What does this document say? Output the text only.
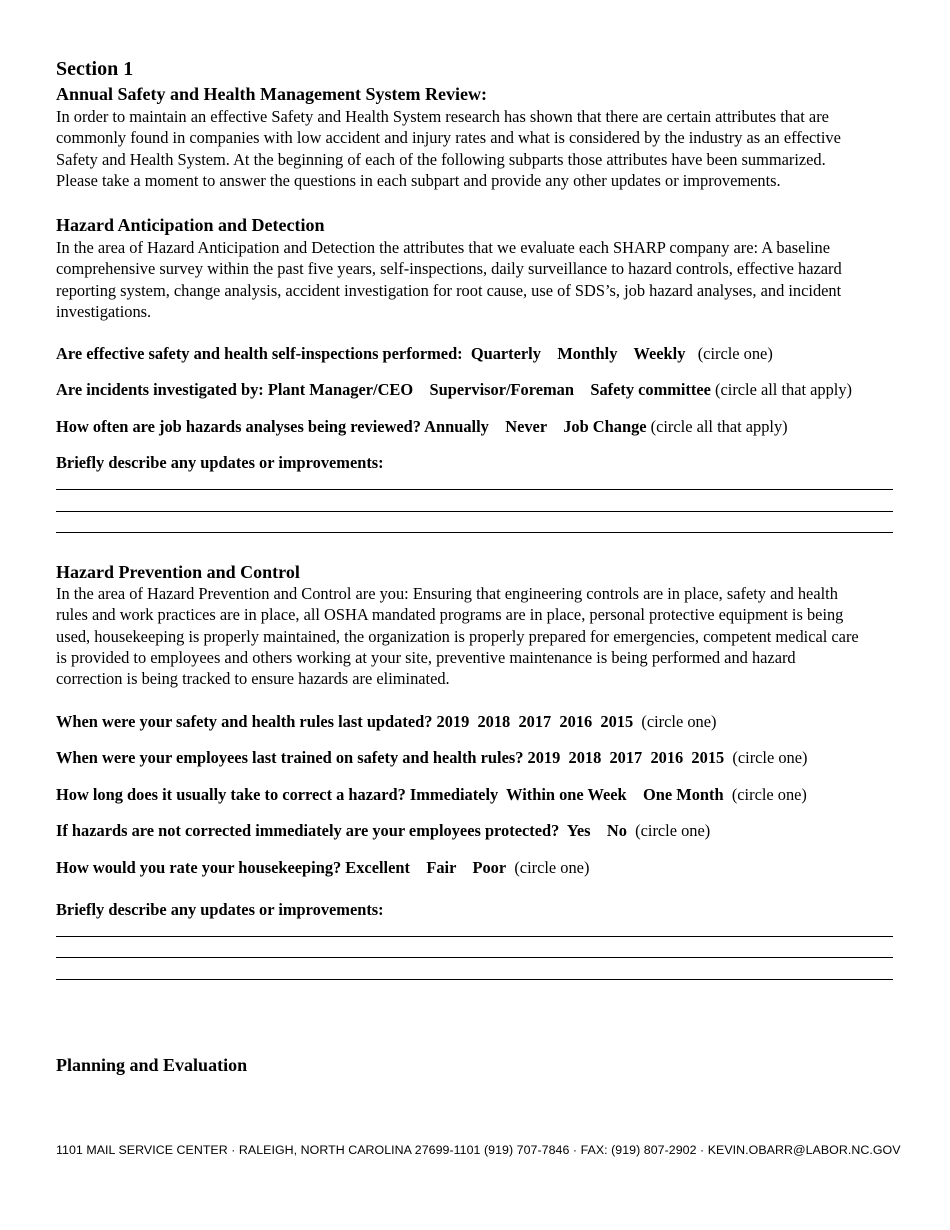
Section 1
Annual Safety and Health Management System Review:
In order to maintain an effective Safety and Health System research has shown that there are certain attributes that are
commonly found in companies with low accident and injury rates and what is considered by the industry as an effective
Safety and Health System. At the beginning of each of the following subparts those attributes have been summarized.
Please take a moment to answer the questions in each subpart and provide any other updates or improvements.
Hazard Anticipation and Detection
In the area of Hazard Anticipation and Detection the attributes that we evaluate each SHARP company are: A baseline
comprehensive survey within the past five years, self-inspections, daily surveillance to hazard controls, effective hazard
reporting system, change analysis, accident investigation for root cause, use of SDS’s, job hazard analyses, and incident
investigations.
Are effective safety and health self-inspections performed:  Quarterly    Monthly    Weekly   (circle one)
Are incidents investigated by: Plant Manager/CEO    Supervisor/Foreman    Safety committee (circle all that apply)
How often are job hazards analyses being reviewed? Annually    Never    Job Change (circle all that apply)
Briefly describe any updates or improvements:
Hazard Prevention and Control
In the area of Hazard Prevention and Control are you: Ensuring that engineering controls are in place, safety and health
rules and work practices are in place, all OSHA mandated programs are in place, personal protective equipment is being
used, housekeeping is properly maintained, the organization is properly prepared for emergencies, competent medical care
is provided to employees and others working at your site, preventive maintenance is being performed and hazard
correction is being tracked to ensure hazards are eliminated.
When were your safety and health rules last updated? 2019  2018  2017  2016  2015  (circle one)
When were your employees last trained on safety and health rules? 2019  2018  2017  2016  2015  (circle one)
How long does it usually take to correct a hazard? Immediately  Within one Week    One Month  (circle one)
If hazards are not corrected immediately are your employees protected?  Yes    No  (circle one)
How would you rate your housekeeping? Excellent    Fair    Poor  (circle one)
Briefly describe any updates or improvements:
Planning and Evaluation
1101 MAIL SERVICE CENTER · RALEIGH, NORTH CAROLINA 27699-1101 (919) 707-7846 · FAX: (919) 807-2902 · KEVIN.OBARR@LABOR.NC.GOV
